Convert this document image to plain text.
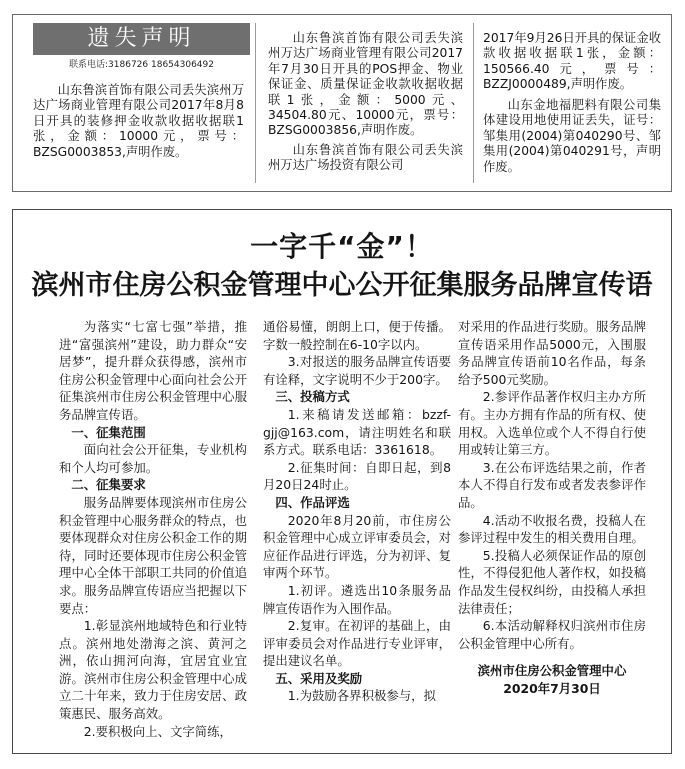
遗失声明
联系电话:3186726 18654306492

山东鲁滨首饰有限公司丢失滨州万达广场商业管理有限公司2017年8月8日开具的装修押金收款收据收据联1张，金额：10000元，票号：BZSG0003853,声明作废。

山东鲁滨首饰有限公司丢失滨州万达广场商业管理有限公司2017年7月30日开具的POS押金、物业保证金、质量保证金收款收据收据联1张，金额：5000元、34504.80元、10000元，票号：BZSG0003856,声明作废。

山东鲁滨首饰有限公司丢失滨州万达广场投资有限公司

2017年9月26日开具的保证金收款收据收据联1张，金额：150566.40元，票号：BZZJ0000489,声明作废。

山东金地福肥料有限公司集体建设用地使用证丢失，证号：邹集用(2004)第040290号、邹集用(2004)第040291号，声明作废。

一字千“金”！
滨州市住房公积金管理中心公开征集服务品牌宣传语

为落实“七富七强”举措，推进“富强滨州”建设，助力群众“安居梦”，提升群众获得感，滨州市住房公积金管理中心面向社会公开征集滨州市住房公积金管理中心服务品牌宣传语。

一、征集范围

面向社会公开征集，专业机构和个人均可参加。

二、征集要求

服务品牌要体现滨州市住房公积金管理中心服务群众的特点，也要体现群众对住房公积金工作的期待，同时还要体现市住房公积金管理中心全体干部职工共同的价值追求。服务品牌宣传语应当把握以下要点：

1.彰显滨州地域特色和行业特点。滨州地处渤海之滨、黄河之洲，依山拥河向海，宜居宜业宜游。滨州市住房公积金管理中心成立二十年来，致力于住房安居、政策惠民、服务高效。

2.要积极向上、文字简练，

通俗易懂，朗朗上口，便于传播。字数一般控制在6-10字以内。

3.对报送的服务品牌宣传语要有诠释，文字说明不少于200字。

三、投稿方式

1.来稿请发送邮箱：bzzf-gjj@163.com，请注明姓名和联系方式。联系电话：3361618。

2.征集时间：自即日起，到8月20日24时止。

四、作品评选

2020年8月20前，市住房公积金管理中心成立评审委员会，对应征作品进行评选，分为初评、复审两个环节。

1.初评。遴选出10条服务品牌宣传语作为入围作品。

2.复审。在初评的基础上，由评审委员会对作品进行专业评审，提出建议名单。

五、采用及奖励

1.为鼓励各界积极参与，拟

对采用的作品进行奖励。服务品牌宣传语采用作品5000元，入围服务品牌宣传语前10名作品，每条给予500元奖励。

2.参评作品著作权归主办方所有。主办方拥有作品的所有权、使用权。入选单位或个人不得自行使用或转让第三方。

3.在公布评选结果之前，作者本人不得自行发布或者发表参评作品。

4.活动不收报名费，投稿人在参评过程中发生的相关费用自理。

5.投稿人必须保证作品的原创性，不得侵犯他人著作权，如投稿作品发生侵权纠纷，由投稿人承担法律责任；

6.本活动解释权归滨州市住房公积金管理中心所有。

滨州市住房公积金管理中心

2020年7月30日
